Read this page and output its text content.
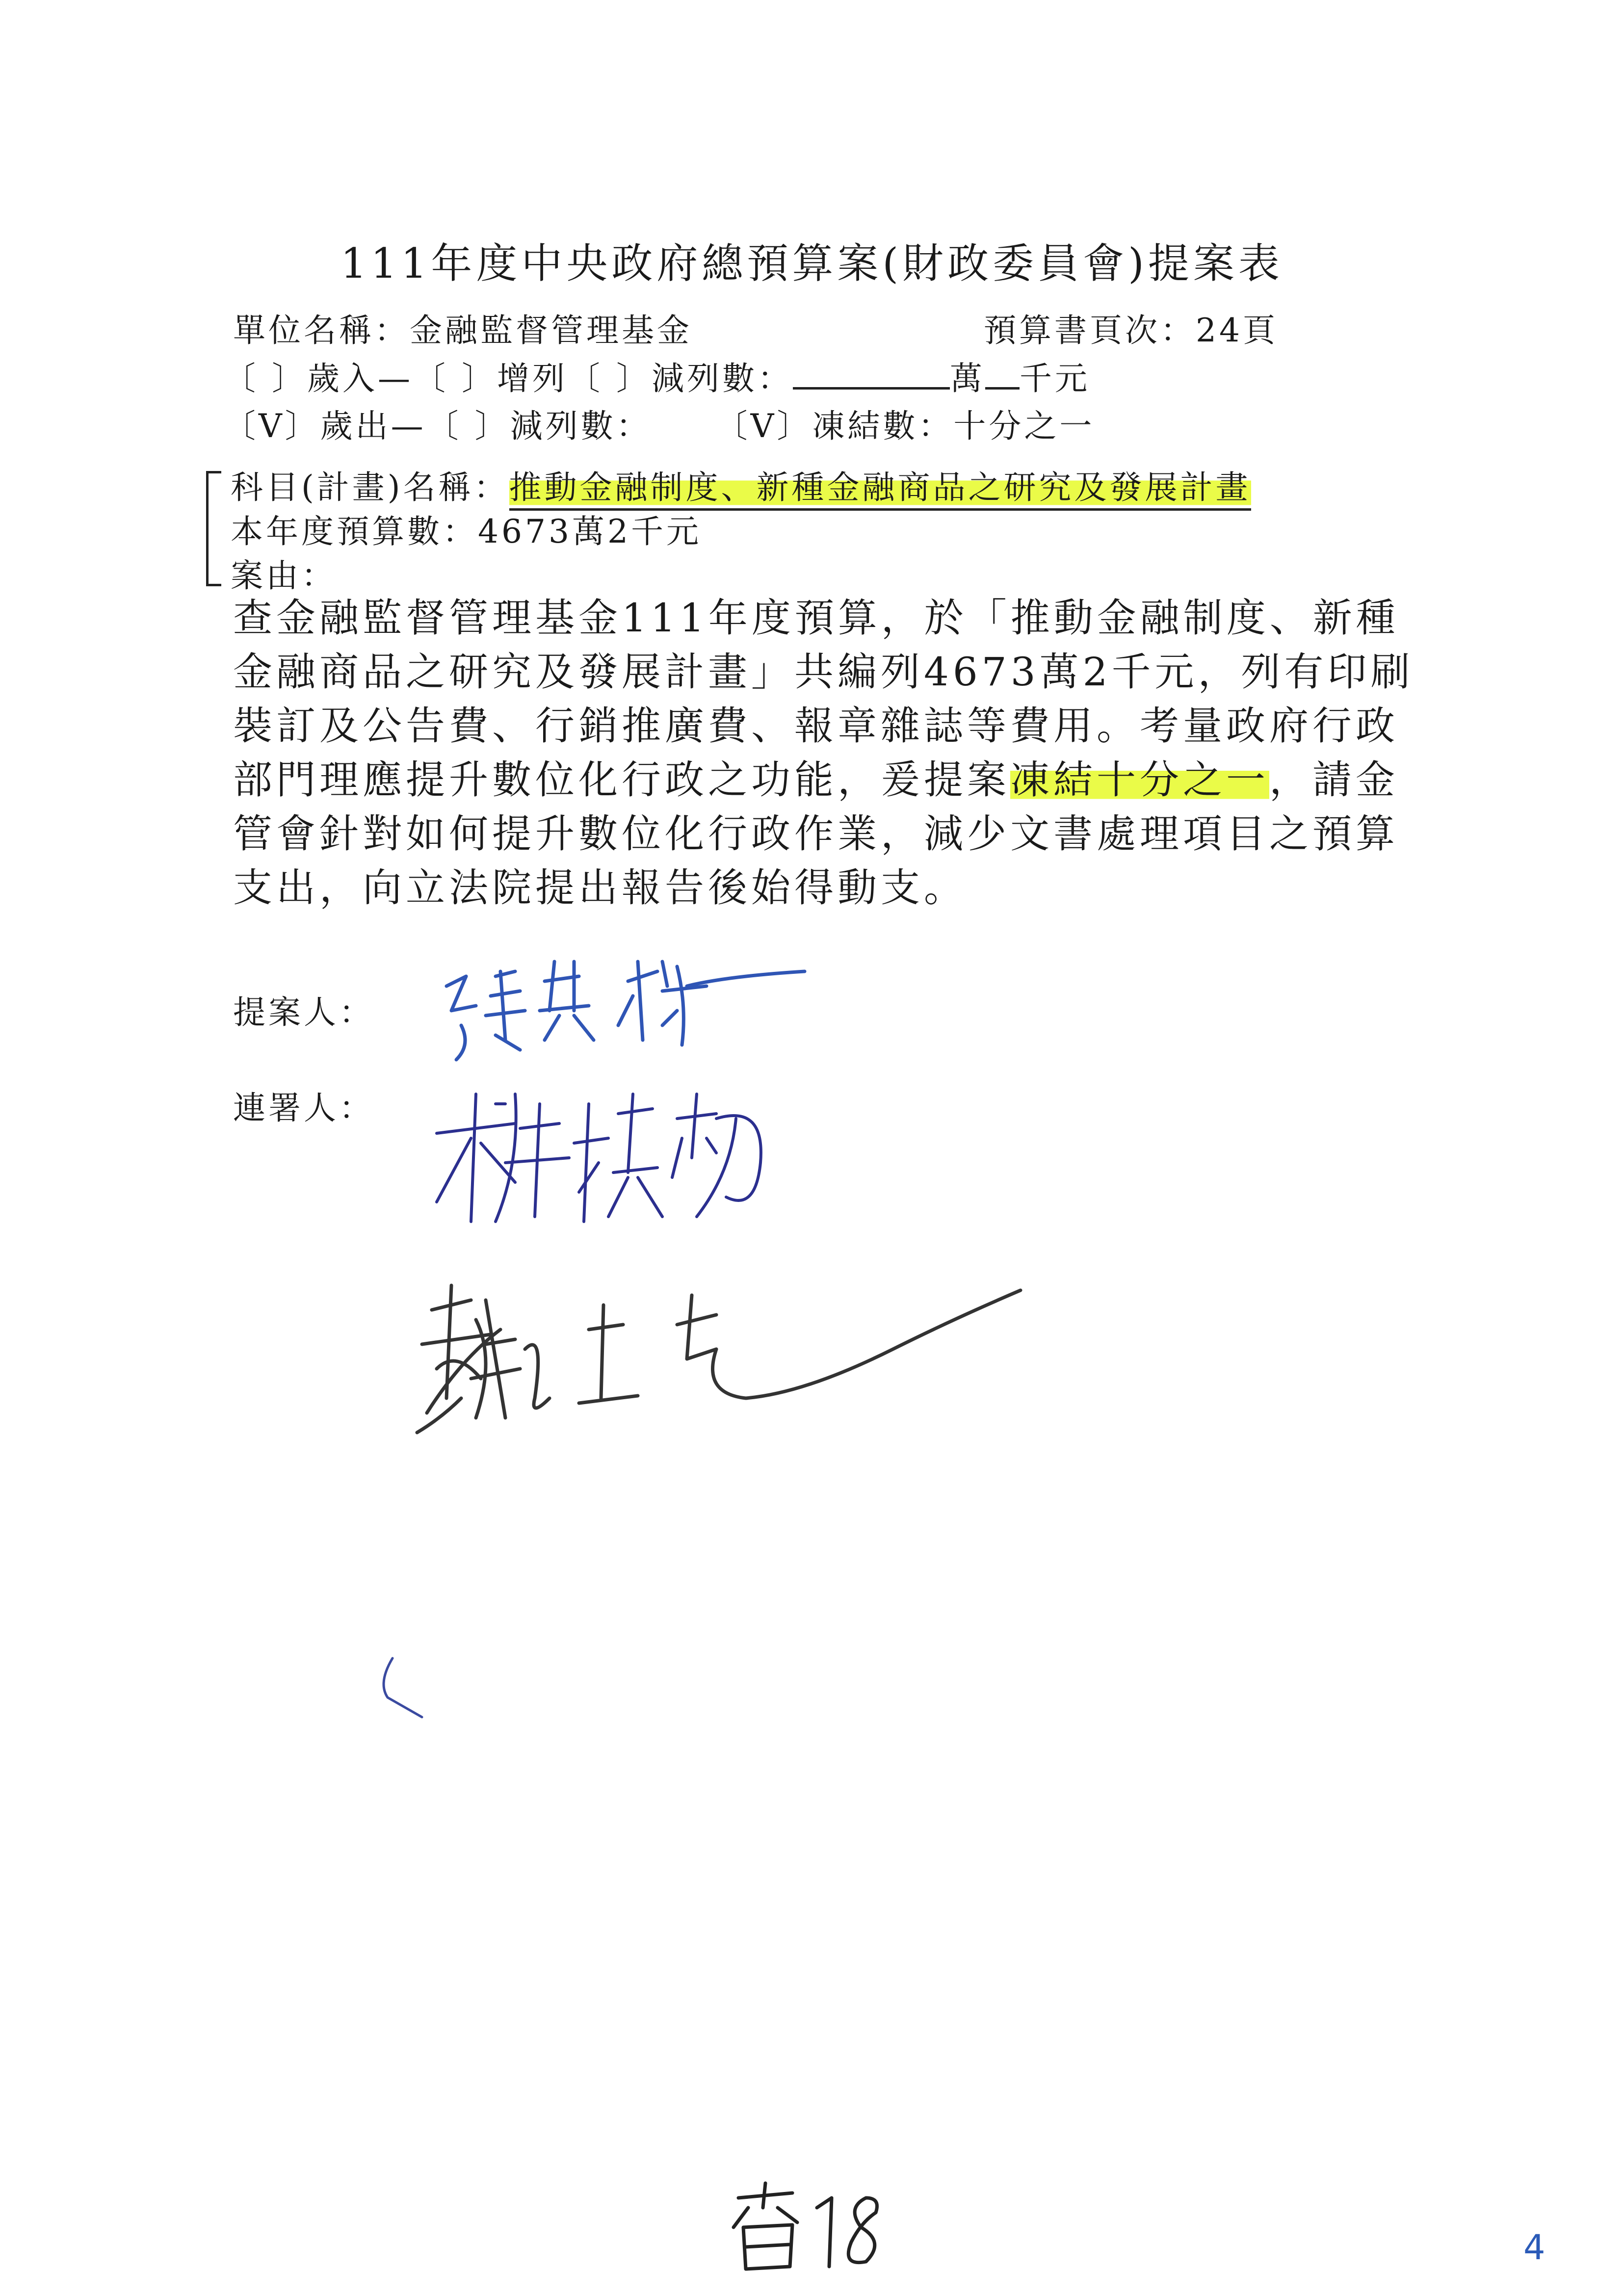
111年度中央政府總預算案(財政委員會)提案表
單位名稱：金融監督管理基金	預算書頁次：24頁
〔 〕歲入—〔 〕增列〔 〕減列數：	萬 千元
〔V〕歲出—〔 〕減列數： 〔V〕凍結數：十分之一
科目(計畫)名稱：推動金融制度、新種金融商品之研究及發展計畫
本年度預算數：4673萬2千元
案由：
查金融監督管理基金111年度預算，於「推動金融制度、新種金融商品之研究及發展計畫」共編列4673萬2千元，列有印刷裝訂及公告費、行銷推廣費、報章雜誌等費用。考量政府行政部門理應提升數位化行政之功能，爰提案凍結十分之一，請金管會針對如何提升數位化行政作業，減少文書處理項目之預算支出，向立法院提出報告後始得動支。
提案人：
連署人：
4
